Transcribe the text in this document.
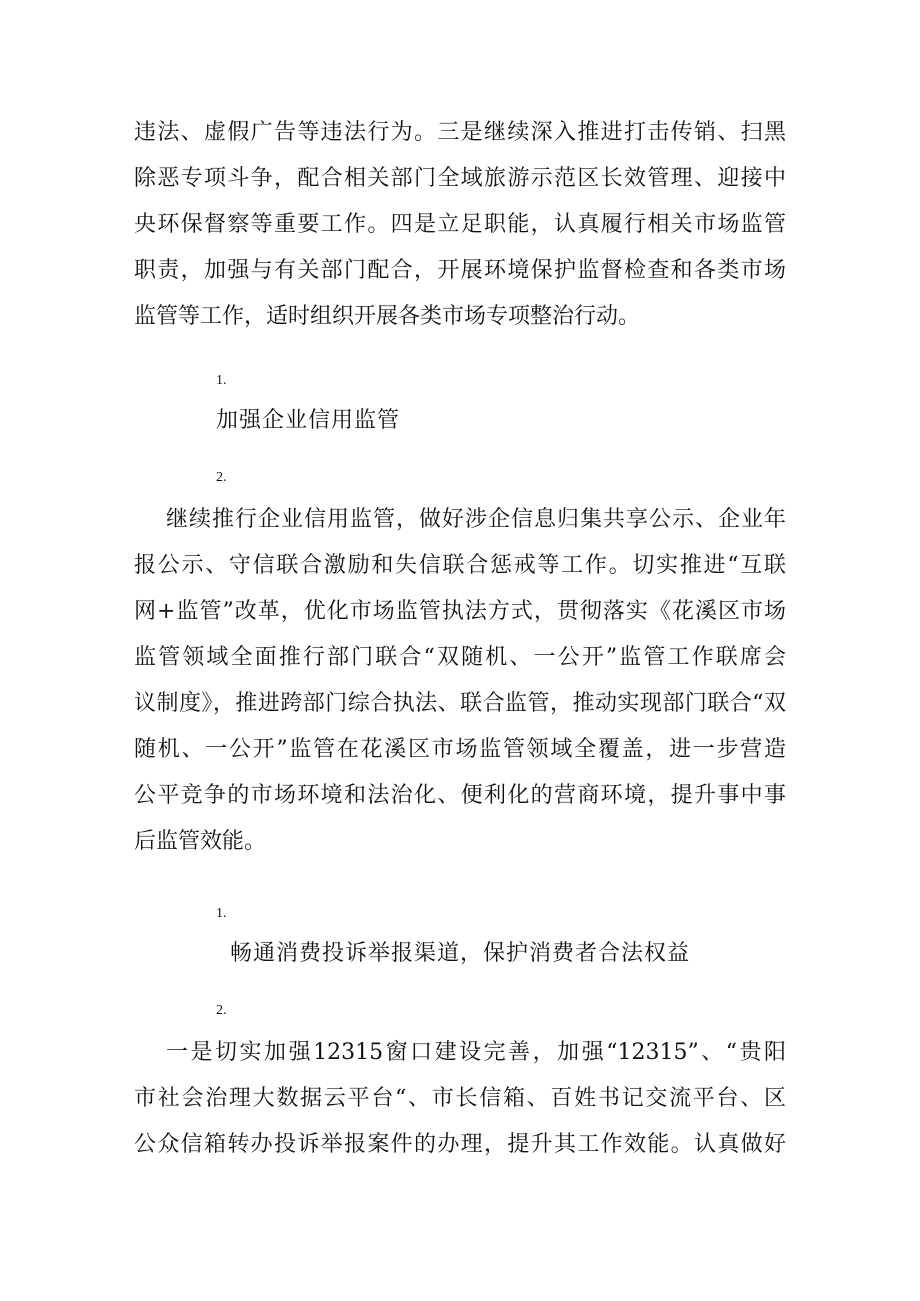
违法、虚假广告等违法行为。三是继续深入推进打击传销、扫黑
除恶专项斗争，配合相关部门全域旅游示范区长效管理、迎接中
央环保督察等重要工作。四是立足职能，认真履行相关市场监管
职责，加强与有关部门配合，开展环境保护监督检查和各类市场
监管等工作，适时组织开展各类市场专项整治行动。
1.
加强企业信用监管
2.
继续推行企业信用监管，做好涉企信息归集共享公示、企业年
报公示、守信联合激励和失信联合惩戒等工作。切实推进“互联
网+监管”改革，优化市场监管执法方式，贯彻落实《花溪区市场
监管领域全面推行部门联合“双随机、一公开”监管工作联席会
议制度》，推进跨部门综合执法、联合监管，推动实现部门联合“双
随机、一公开”监管在花溪区市场监管领域全覆盖，进一步营造
公平竞争的市场环境和法治化、便利化的营商环境，提升事中事
后监管效能。
1.
畅通消费投诉举报渠道，保护消费者合法权益
2.
一是切实加强12315窗口建设完善，加强“12315”、“贵阳
市社会治理大数据云平台“、市长信箱、百姓书记交流平台、区
公众信箱转办投诉举报案件的办理，提升其工作效能。认真做好
